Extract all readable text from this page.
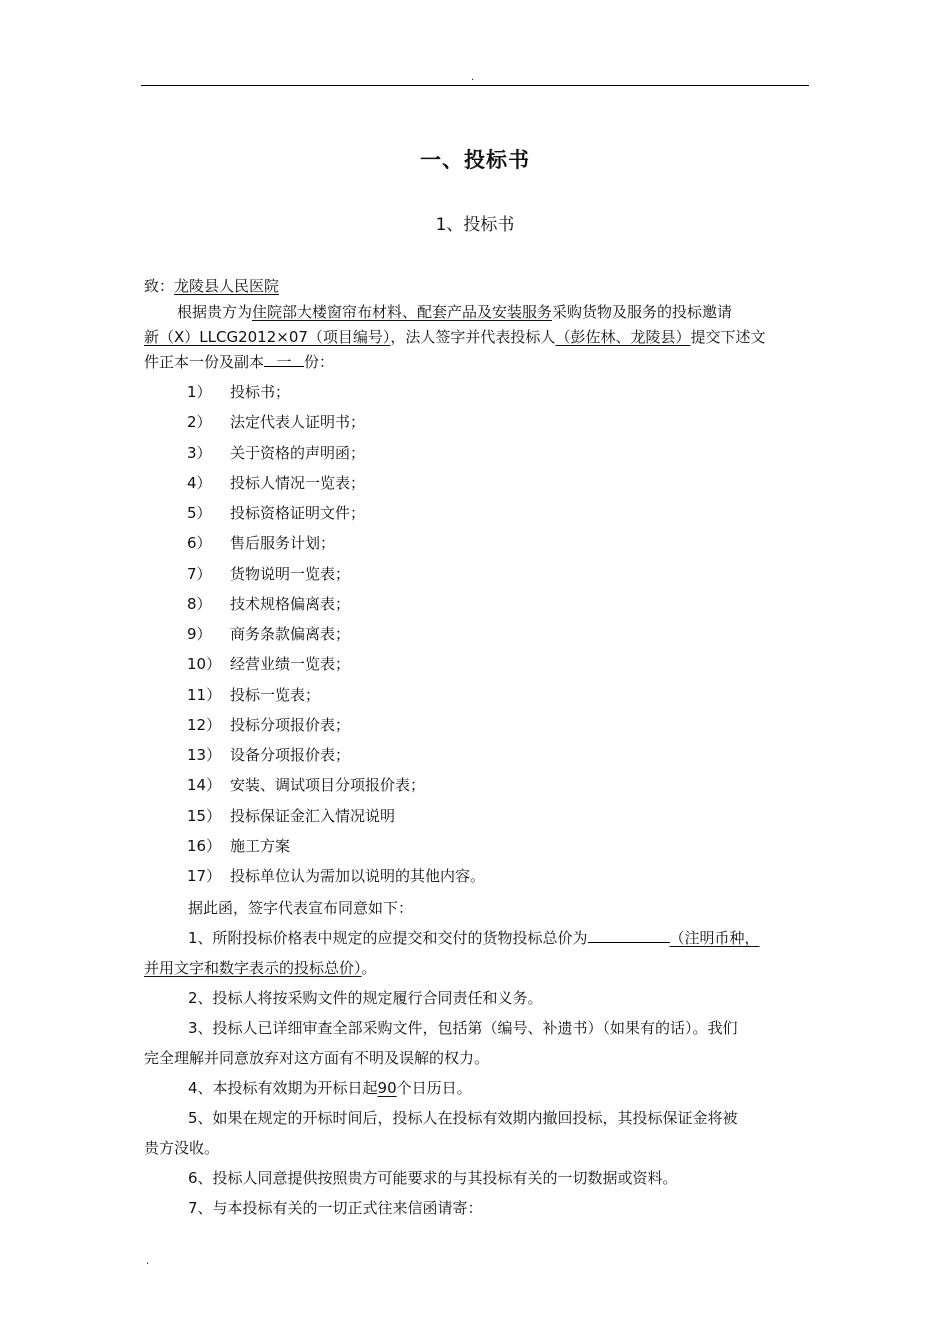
.
一、投标书
1、投标书
致：龙陵县人民医院
根据贵方为住院部大楼窗帘布材料、配套产品及安装服务采购货物及服务的投标邀请
新（X）LLCG2012×07（项目编号），法人签字并代表投标人（彭佐林、龙陵县）提交下述文
件正本一份及副本 一 份：
1） 投标书；
2） 法定代表人证明书；
3） 关于资格的声明函；
4） 投标人情况一览表；
5） 投标资格证明文件；
6） 售后服务计划；
7） 货物说明一览表；
8） 技术规格偏离表；
9） 商务条款偏离表；
10） 经营业绩一览表；
11） 投标一览表；
12） 投标分项报价表；
13） 设备分项报价表；
14） 安装、调试项目分项报价表；
15） 投标保证金汇入情况说明
16） 施工方案
17） 投标单位认为需加以说明的其他内容。
据此函，签字代表宣布同意如下：
1、所附投标价格表中规定的应提交和交付的货物投标总价为	（注明币种，
并用文字和数字表示的投标总价）。
2、投标人将按采购文件的规定履行合同责任和义务。
3、投标人已详细审查全部采购文件，包括第（编号、补遗书）（如果有的话）。我们
完全理解并同意放弃对这方面有不明及误解的权力。
4、本投标有效期为开标日起90个日历日。
5、如果在规定的开标时间后，投标人在投标有效期内撤回投标，其投标保证金将被
贵方没收。
6、投标人同意提供按照贵方可能要求的与其投标有关的一切数据或资料。
7、与本投标有关的一切正式往来信函请寄：
.
